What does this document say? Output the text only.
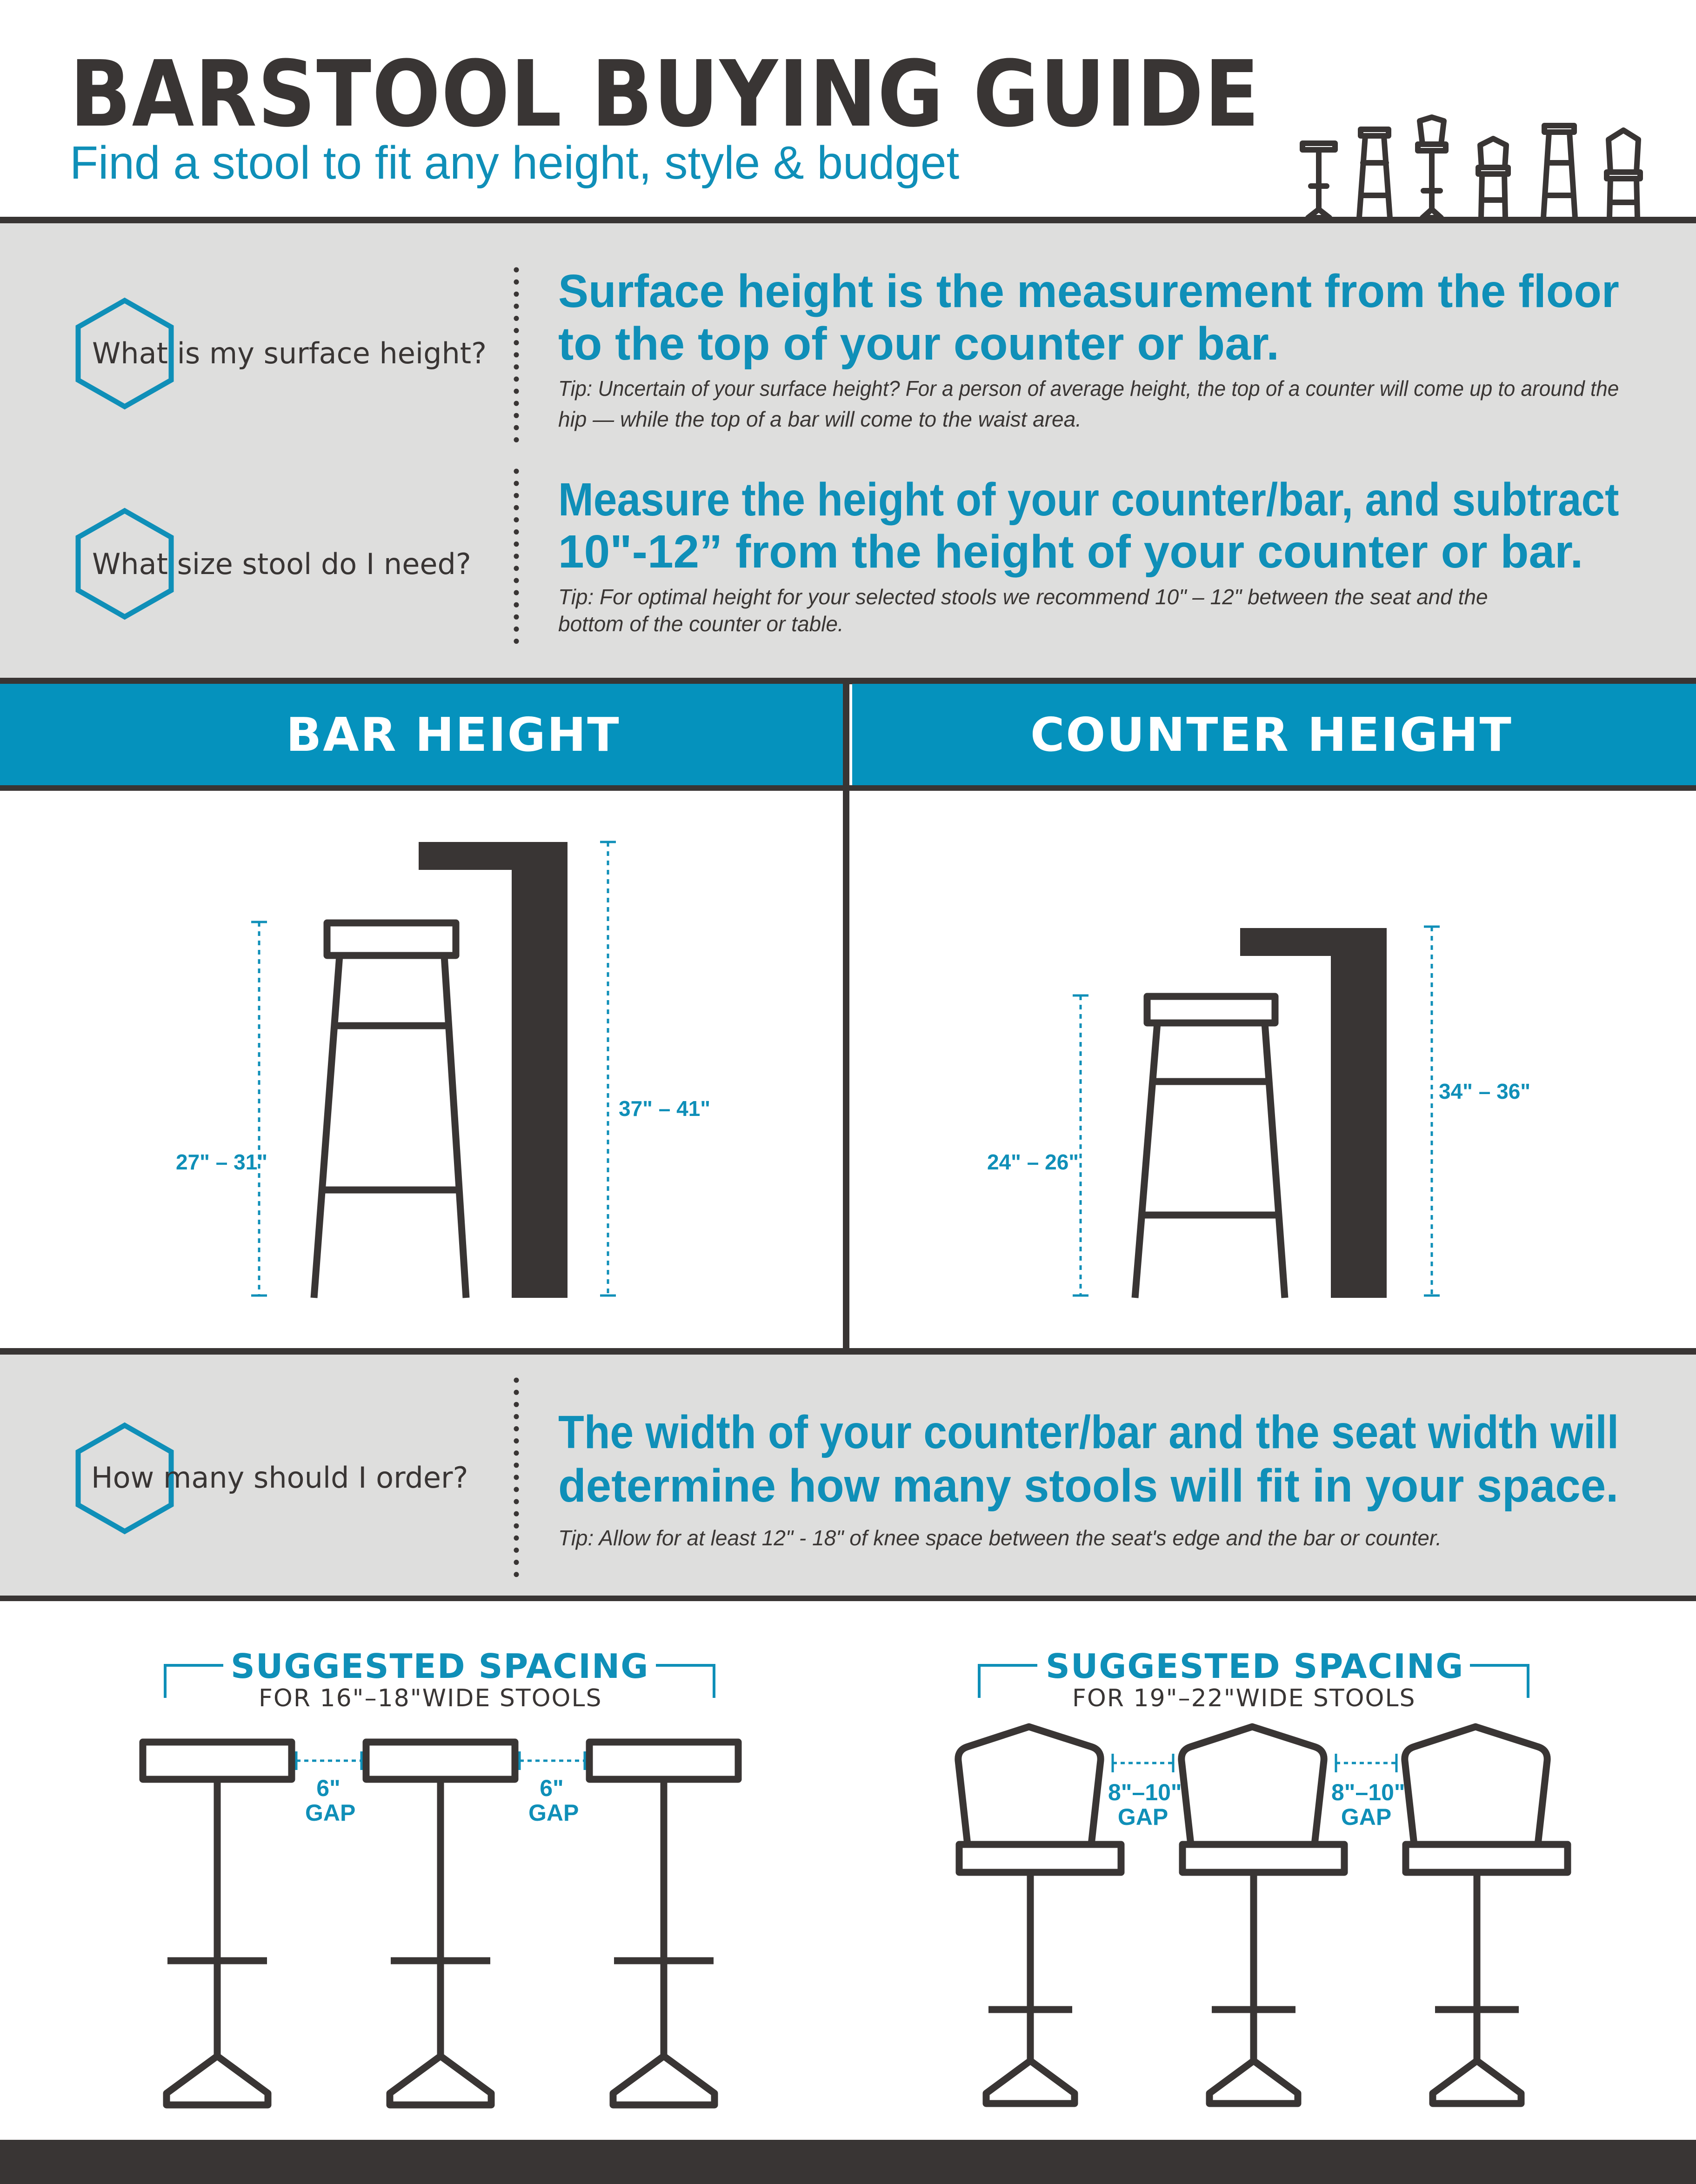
BARSTOOL BUYING GUIDE
Find a stool to fit any height, style & budget
What is my surface height?
Surface height is the measurement from the floor
to the top of your counter or bar.
Tip: Uncertain of your surface height? For a person of average height, the top of a counter will come up to around the
hip — while the top of a bar will come to the waist area.
What size stool do I need?
Measure the height of your counter/bar, and subtract
10"-12” from the height of your counter or bar.
Tip: For optimal height for your selected stools we recommend 10" – 12" between the seat and the
bottom of the counter or table.
BAR HEIGHT	COUNTER HEIGHT
27" – 31"
37" – 41"
24" – 26"
34" – 36"
How many should I order?
The width of your counter/bar and the seat width will
determine how many stools will fit in your space.
Tip: Allow for at least 12" - 18" of knee space between the seat's edge and the bar or counter.
SUGGESTED SPACING
FOR 16"–18"WIDE STOOLS
6"
GAP
6"
GAP
SUGGESTED SPACING
FOR 19"–22"WIDE STOOLS
8"–10"
GAP
8"–10"
GAP
